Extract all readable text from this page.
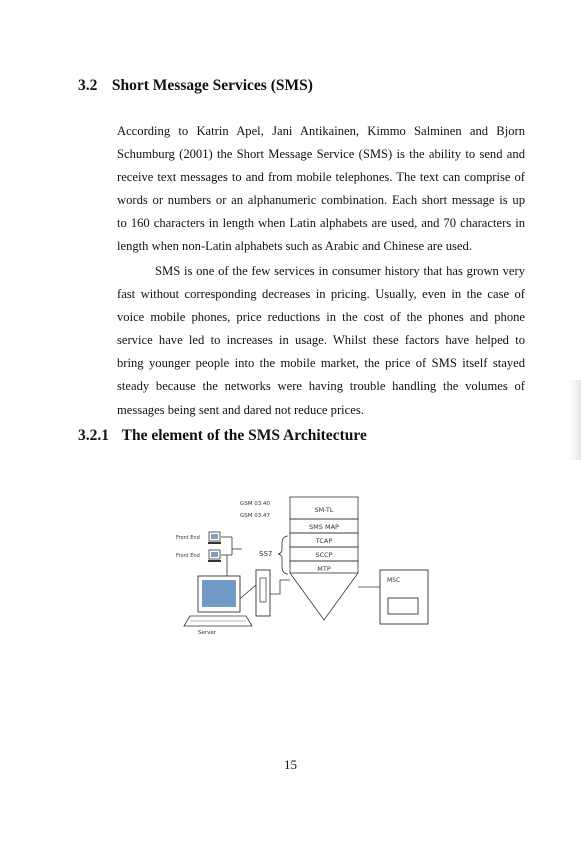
3.2 Short Message Services (SMS)
According to Katrin Apel, Jani Antikainen, Kimmo Salminen and Bjorn
Schumburg (2001) the Short Message Service (SMS) is the ability to send and
receive text messages to and from mobile telephones. The text can comprise of
words or numbers or an alphanumeric combination. Each short message is up
to 160 characters in length when Latin alphabets are used, and 70 characters in
length when non-Latin alphabets such as Arabic and Chinese are used.
SMS is one of the few services in consumer history that has grown very
fast without corresponding decreases in pricing. Usually, even in the case of
voice mobile phones, price reductions in the cost of the phones and phone
service have led to increases in usage. Whilst these factors have helped to
bring younger people into the mobile market, the price of SMS itself stayed
steady because the networks were having trouble handling the volumes of
messages being sent and dared not reduce prices.
3.2.1 The element of the SMS Architecture
GSM 03.40
GSM 03.47
SM-TL
SMS MAP
TCAP
SCCP
MTP
SS7
Front End
Front End
Server
MSC
15
